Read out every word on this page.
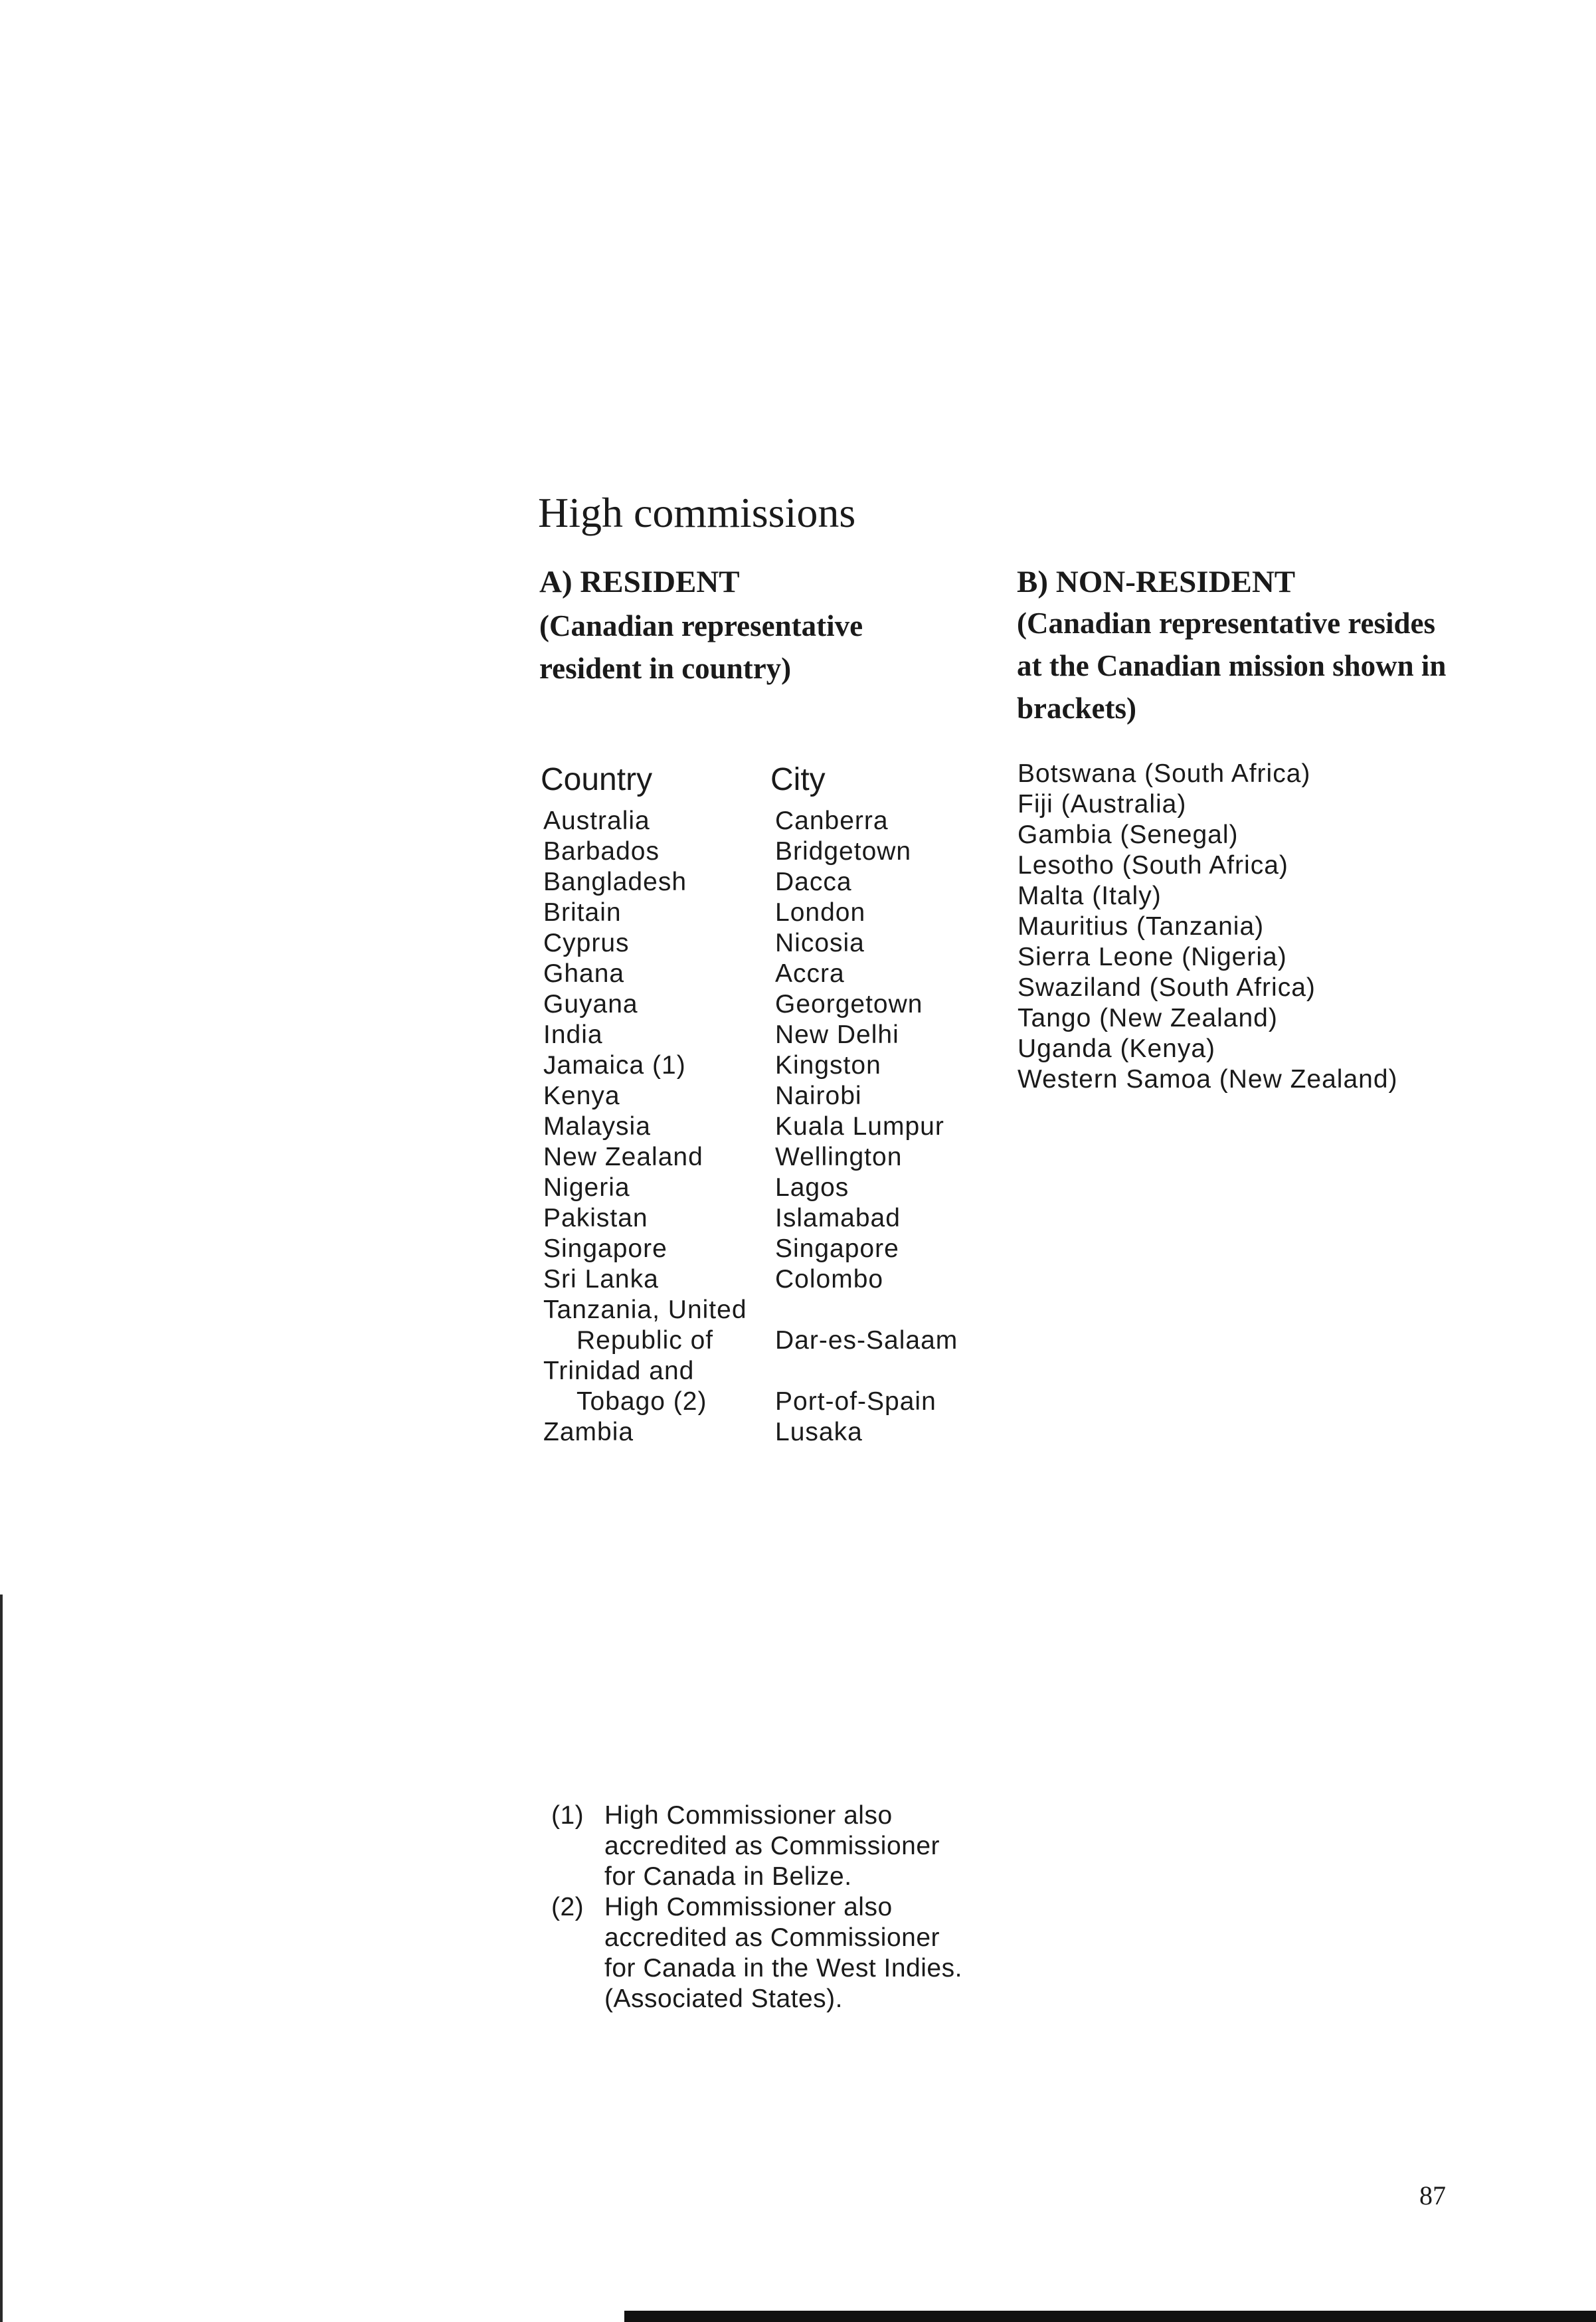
High commissions
A) RESIDENT
(Canadian representative resident in country)
Country	City
Australia
Barbados
Bangladesh
Britain
Cyprus
Ghana
Guyana
India
Jamaica (1)
Kenya
Malaysia
New Zealand
Nigeria
Pakistan
Singapore
Sri Lanka
Tanzania, United
Republic of
Trinidad and
Tobago (2)
Zambia
Canberra
Bridgetown
Dacca
London
Nicosia
Accra
Georgetown
New Delhi
Kingston
Nairobi
Kuala Lumpur
Wellington
Lagos
Islamabad
Singapore
Colombo

Dar-es-Salaam

Port-of-Spain
Lusaka
B) NON-RESIDENT
(Canadian representative resides at the Canadian mission shown in brackets)
Botswana (South Africa)
Fiji (Australia)
Gambia (Senegal)
Lesotho (South Africa)
Malta (Italy)
Mauritius (Tanzania)
Sierra Leone (Nigeria)
Swaziland (South Africa)
Tango (New Zealand)
Uganda (Kenya)
Western Samoa (New Zealand)
(1) High Commissioner also
accredited as Commissioner
for Canada in Belize.
(2) High Commissioner also
accredited as Commissioner
for Canada in the West Indies.
(Associated States).
87
